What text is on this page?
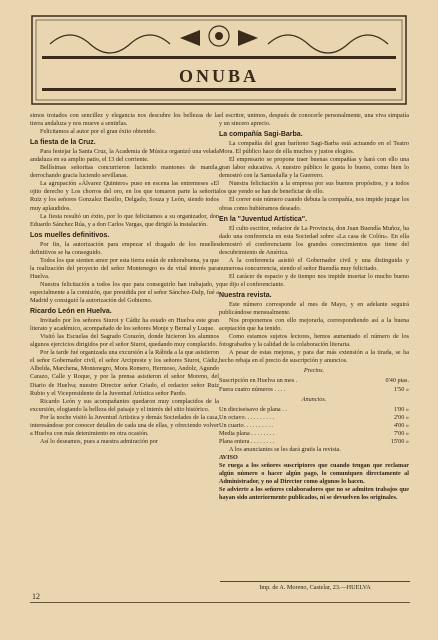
ONUBA

simos trotados con sencillez y elegancia nos descubre los bellezas de la tierra andaluza y nos mueve a sentirlas.

Felicitamos al autor por el gran éxito obtenido.

La fiesta de la Cruz.

Para festejar la Santa Cruz, la Academia de Música organizó una velada andaluza en su amplio patio, el 13 del corriente.

Bellísimas señoritas concurrieron luciendo mantones de manila, derrochando gracia luciendo sevillanas.

La agrupación «Álvarez Quintero» puso en escena las entremeses «El ojito derecho y Los chorros del oro, en los que tomaron parte la señorita Ruiz y los señores Gonzalez Basilio, Delgado, Souza y León, siendo todos muy aplaudidos.

La fiesta resultó un éxito, por lo que felicitamos a su organizador, don Eduardo Sánchez Rúa, y a don Carlos Vargas, que dirigió la instalación.

Los muelles definitivos.

Por fin, la autorización para empezar el dragado de los muelles definitivos se ha conseguido.

Todos los que sienten amor por esta tierra están de enhorabuena, ya que la realización del proyecto del señor Montenegro es de vital interés para Huelva.

Nuestra felicitación a todos los que para conseguirlo han trabajado, y especialmente a la comisión, que presidida por el señor Sánchez-Dalp, fué a Madrid y consiguió la autorización del Gobierno.

Ricardo León en Huelva.

Invitado por los señores Siurot y Cádiz ha estado en Huelva este gran literato y académico, acompañado de los señores Monje y Bernal y Luque.

Visitó las Escuelas del Sagrado Corazón, donde hicieron los alumnos algunos ejercicios dirigidos por el señor Siurot, quedando muy complacido.

Por la tarde fué organizada una excursión a la Rábida a la que asistieron el señor Gobernador civil, el señor Arcipreste y los señores Siurot, Cádiz, Albelda, Marchena, Montenegro, Mora Romero, Hermoso, Andolz, Agundo Carazo, Calle y Roque, y por la prensa asistieron el señor Moreno, del Diario de Huelva; nuestro Director señor Criado, el redactor señor Ruiz Rubio y el Vicepresidente de la Juventud Artística señor Pardo.

Ricardo León y sus acompañantes quedaron muy complacidos de la excursión, elogiando la belleza del paisaje y el interés del sitio histórico.

Por la noche visitó la Juventud Artística y demás Sociedades de la casa, interesándose por conocer detalles de cada una de ellas, y ofreciendo volver a Huelva con más detenimiento en otra ocasión.

Así lo deseamos, pues a nuestra admiración por

el escritor, unimos, después de conocerle personalmente, una viva simpatía y un sincero aprecio.

La compañía Sagi-Barba.

La compañía del gran barítono Sagi-Barba está actuando en el Teatro Mora. El público hace de ella muchos y justos elogios.

El empresario se propone traer buenas compañías y hará con ello una gran labor educativa. A nuestro público le gusta lo bueno, como bien lo demostró con la Santaolalla y la Guerrero.

Nuestra felicitación a la empresa por sus buenos propósitos, y a todos los que yendo se han de beneficiar de ello.

El correr este número cuando debuta la compañía, nos impide juzgar los obras como hubiéramos deseado.

En la "Juventud Artística".

El culto escritor, redactor de La Provincia, don Juan Buendía Muñoz, ha dado una conferencia en esta Sociedad sobre «La casa de Colón». En ella demostró el conferenciante los grandes conocimientos que tiene del descubrimiento de América.

A la conferencia asistió el Gobernador civil y una distinguida y numerosa concurrencia, siendo el señor Buendía muy felicitado.

El carácer de espacio y de tiempo nos impide insertar lo mucho bueno que dijo el conferenciante.

Nuestra revista.

Este número corresponde al mes de Mayo, y en adelante seguirá publicándose mensualmente.

Nos proponemos con ello mejorarla, correspondiendo así a la buena aceptación que ha tenido.

Como estamos sujetos lectores, hemos aumentado el número de los fotograbados y la calidad de la colaboración literaria.

A pesar de estas mejoras, y para dar más extensión a la tirada, se ha hecho rebaja en el precio de suscripción y anuncios.

Precios.

Suscripción en Huelva un mes .	0'40 ptas.
Fuera cuatro números . . . .	1'50 »

Anuncios.

Un dieciseisavo de plana . .	1'00 »
Un octavo. . . . . . . . . .	2'00 »
Un cuarto. . . . . . . . . .	4'00 »
Media plana . . . . . . . .	7'00 »
Plana entera . . . . . . . .	15'00 »

A los anunciantes se les dará gratis la revista.

AVISO

Se ruega a los señores suscriptores que cuando tengan que reclamar algún número o hacer algún pago, lo comuniquen directamente al Administrador, y no al Director como algunos lo hacen.

Se advierte a los señores colaboradores que no se admiten trabajos que hayan sido anteriormente publicados, ni se devuelven los originales.

12
Imp. de A. Moreno, Castelar, 23.—HUELVA
